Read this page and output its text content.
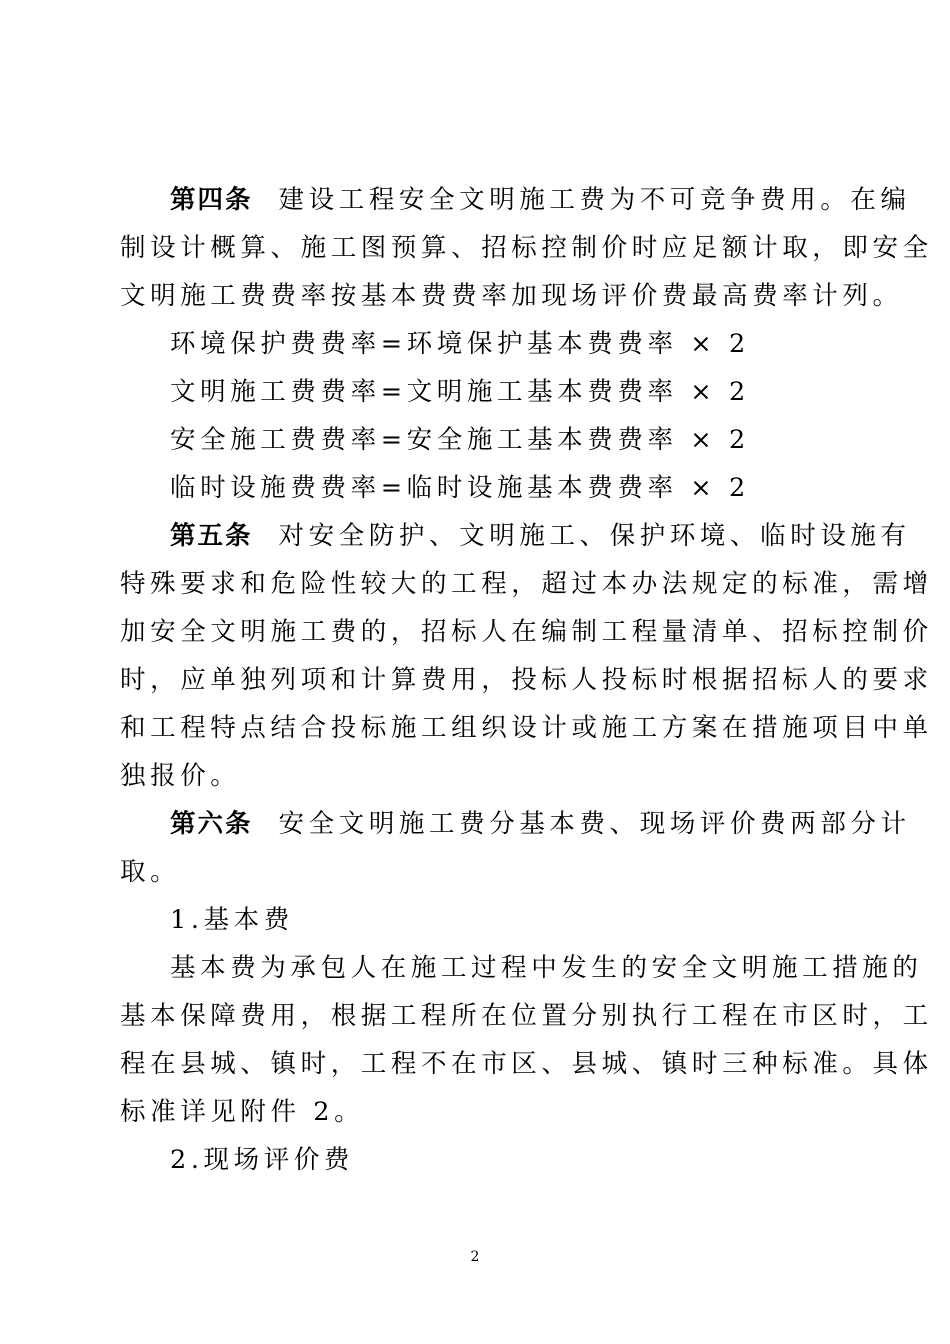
第四条 建设工程安全文明施工费为不可竞争费用。在编
制设计概算、施工图预算、招标控制价时应足额计取，即安全
文明施工费费率按基本费费率加现场评价费最高费率计列。
环境保护费费率=环境保护基本费费率 × 2
文明施工费费率=文明施工基本费费率 × 2
安全施工费费率=安全施工基本费费率 × 2
临时设施费费率=临时设施基本费费率 × 2
第五条 对安全防护、文明施工、保护环境、临时设施有
特殊要求和危险性较大的工程，超过本办法规定的标准，需增
加安全文明施工费的，招标人在编制工程量清单、招标控制价
时，应单独列项和计算费用，投标人投标时根据招标人的要求
和工程特点结合投标施工组织设计或施工方案在措施项目中单
独报价。
第六条 安全文明施工费分基本费、现场评价费两部分计
取。
1.基本费
基本费为承包人在施工过程中发生的安全文明施工措施的
基本保障费用，根据工程所在位置分别执行工程在市区时，工
程在县城、镇时，工程不在市区、县城、镇时三种标准。具体
标准详见附件 2。
2.现场评价费
2
